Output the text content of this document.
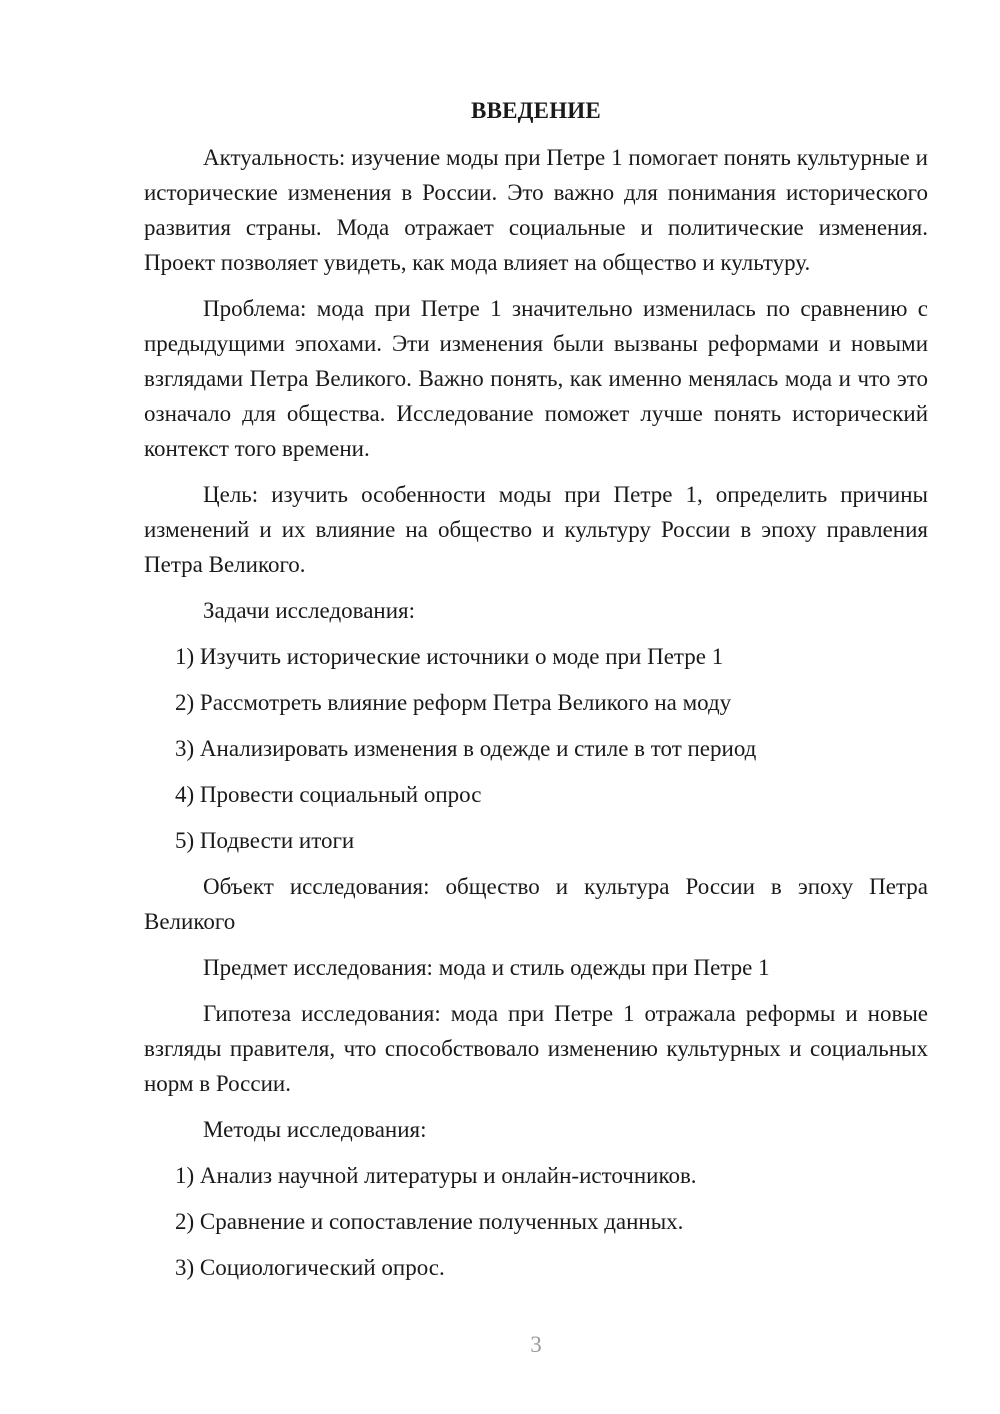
ВВЕДЕНИЕ

Актуальность: изучение моды при Петре 1 помогает понять культурные и исторические изменения в России. Это важно для понимания исторического развития страны. Мода отражает социальные и политические изменения. Проект позволяет увидеть, как мода влияет на общество и культуру.

Проблема: мода при Петре 1 значительно изменилась по сравнению с предыдущими эпохами. Эти изменения были вызваны реформами и новыми взглядами Петра Великого. Важно понять, как именно менялась мода и что это означало для общества. Исследование поможет лучше понять исторический контекст того времени.

Цель: изучить особенности моды при Петре 1, определить причины изменений и их влияние на общество и культуру России в эпоху правления Петра Великого.

Задачи исследования:

1) Изучить исторические источники о моде при Петре 1
2) Рассмотреть влияние реформ Петра Великого на моду
3) Анализировать изменения в одежде и стиле в тот период
4) Провести социальный опрос
5) Подвести итоги

Объект исследования: общество и культура России в эпоху Петра Великого

Предмет исследования: мода и стиль одежды при Петре 1

Гипотеза исследования: мода при Петре 1 отражала реформы и новые взгляды правителя, что способствовало изменению культурных и социальных норм в России.

Методы исследования:

1) Анализ научной литературы и онлайн-источников.
2) Сравнение и сопоставление полученных данных.
3) Социологический опрос.
3
